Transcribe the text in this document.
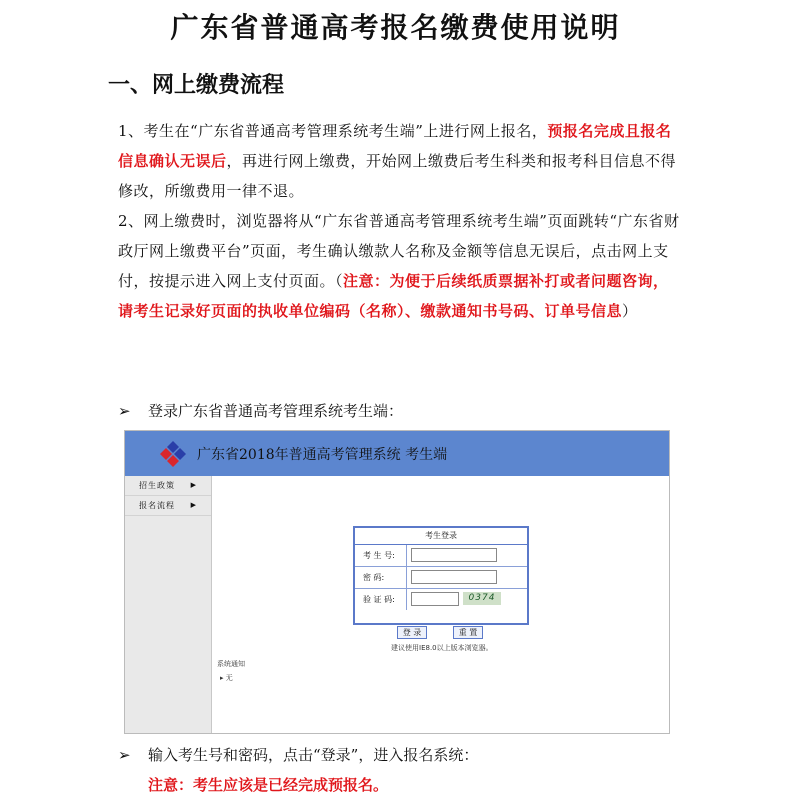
广东省普通高考报名缴费使用说明
一、网上缴费流程
1、考生在“广东省普通高考管理系统考生端”上进行网上报名，预报名完成且报名信息确认无误后，再进行网上缴费，开始网上缴费后考生科类和报考科目信息不得修改，所缴费用一律不退。
2、网上缴费时，浏览器将从“广东省普通高考管理系统考生端”页面跳转“广东省财政厅网上缴费平台”页面，考生确认缴款人名称及金额等信息无误后，点击网上支付，按提示进入网上支付页面。（注意：为便于后续纸质票据补打或者问题咨询，请考生记录好页面的执收单位编码（名称）、缴款通知书号码、订单号信息）
➢ 登录广东省普通高考管理系统考生端：
广东省2018年普通高考管理系统 考生端
招生政策 ▶
报名流程 ▶
考生登录
考 生 号:
密 码:
验 证 码:	0374
登 录	重 置
建议使用IE8.0以上版本浏览器。
系统通知
▸ 无
➢ 输入考生号和密码，点击“登录”，进入报名系统：
注意：考生应该是已经完成预报名。
